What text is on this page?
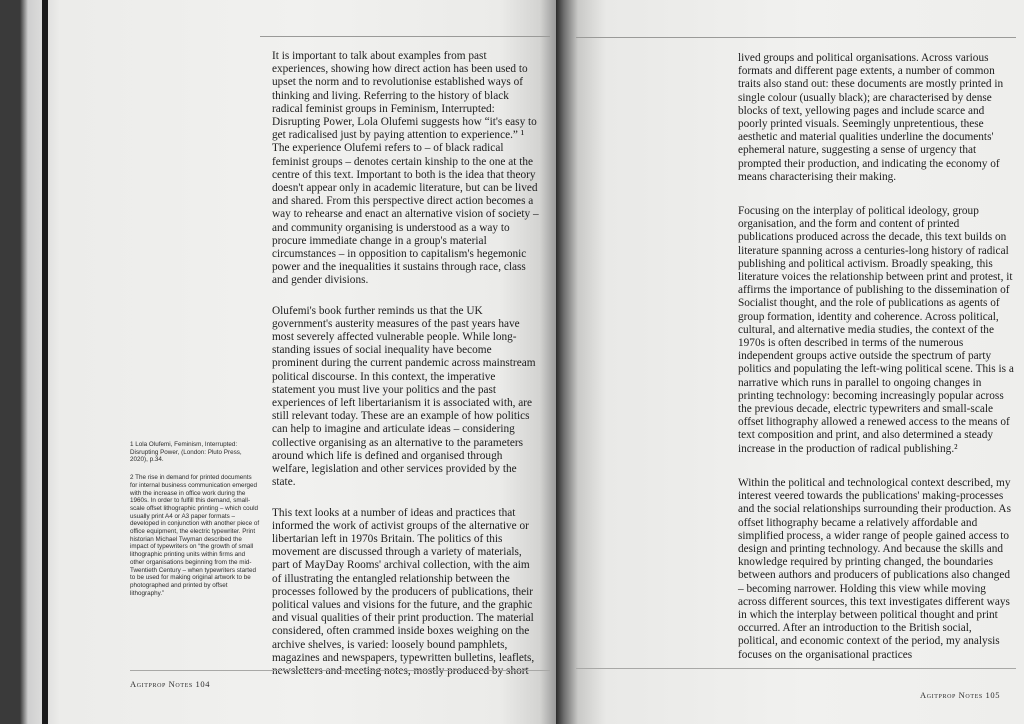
It is important to talk about examples from past experiences, showing how direct action has been used to upset the norm and to revolutionise established ways of thinking and living. Referring to the history of black radical feminist groups in Feminism, Interrupted: Disrupting Power, Lola Olufemi suggests how “it's easy to get radicalised just by paying attention to experience.” ¹ The experience Olufemi refers to – of black radical feminist groups – denotes certain kinship to the one at the centre of this text. Important to both is the idea that theory doesn't appear only in academic literature, but can be lived and shared. From this perspective direct action becomes a way to rehearse and enact an alternative vision of society – and community organising is understood as a way to procure immediate change in a group's material circumstances – in opposition to capitalism's hegemonic power and the inequalities it sustains through race, class and gender divisions.

Olufemi's book further reminds us that the UK government's austerity measures of the past years have most severely affected vulnerable people. While long-standing issues of social inequality have become prominent during the current pandemic across mainstream political discourse. In this context, the imperative statement you must live your politics and the past experiences of left libertarianism it is associated with, are still relevant today. These are an example of how politics can help to imagine and articulate ideas – considering collective organising as an alternative to the parameters around which life is defined and organised through welfare, legislation and other services provided by the state.

This text looks at a number of ideas and practices that informed the work of activist groups of the alternative or libertarian left in 1970s Britain. The politics of this movement are discussed through a variety of materials, part of MayDay Rooms' archival collection, with the aim of illustrating the entangled relationship between the processes followed by the producers of publications, their political values and visions for the future, and the graphic and visual qualities of their print production. The material considered, often crammed inside boxes weighing on the archive shelves, is varied: loosely bound pamphlets, magazines and newspapers, typewritten bulletins, leaflets, newsletters and meeting notes, mostly produced by short

1 Lola Olufemi, Feminism, Interrupted: Disrupting Power, (London: Pluto Press, 2020), p.34.

2 The rise in demand for printed documents for internal business communication emerged with the increase in office work during the 1960s. In order to fulfill this demand, small-scale offset lithographic printing – which could usually print A4 or A3 paper formats – developed in conjunction with another piece of office equipment, the electric typewriter. Print historian Michael Twyman described the impact of typewriters on “the growth of small lithographic printing units within firms and other organisations beginning from the mid-Twentieth Century – when typewriters started to be used for making original artwork to be photographed and printed by offset lithography.”

Agitprop Notes 104

lived groups and political organisations. Across various formats and different page extents, a number of common traits also stand out: these documents are mostly printed in single colour (usually black); are characterised by dense blocks of text, yellowing pages and include scarce and poorly printed visuals. Seemingly unpretentious, these aesthetic and material qualities underline the documents' ephemeral nature, suggesting a sense of urgency that prompted their production, and indicating the economy of means characterising their making.

Focusing on the interplay of political ideology, group organisation, and the form and content of printed publications produced across the decade, this text builds on literature spanning across a centuries-long history of radical publishing and political activism. Broadly speaking, this literature voices the relationship between print and protest, it affirms the importance of publishing to the dissemination of Socialist thought, and the role of publications as agents of group formation, identity and coherence. Across political, cultural, and alternative media studies, the context of the 1970s is often described in terms of the numerous independent groups active outside the spectrum of party politics and populating the left-wing political scene. This is a narrative which runs in parallel to ongoing changes in printing technology: becoming increasingly popular across the previous decade, electric typewriters and small-scale offset lithography allowed a renewed access to the means of text composition and print, and also determined a steady increase in the production of radical publishing.²

Within the political and technological context described, my interest veered towards the publications' making-processes and the social relationships surrounding their production. As offset lithography became a relatively affordable and simplified process, a wider range of people gained access to design and printing technology. And because the skills and knowledge required by printing changed, the boundaries between authors and producers of publications also changed – becoming narrower. Holding this view while moving across different sources, this text investigates different ways in which the interplay between political thought and print occurred. After an introduction to the British social, political, and economic context of the period, my analysis focuses on the organisational practices

Agitprop Notes 105
